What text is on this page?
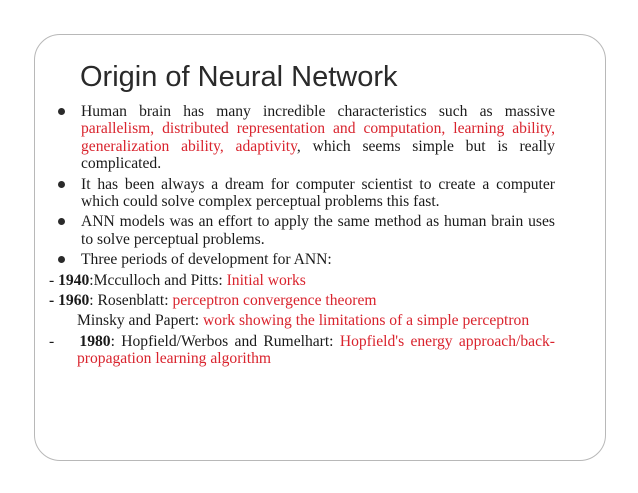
Origin of Neural Network
Human brain has many incredible characteristics such as massive parallelism, distributed representation and computation, learning ability, generalization ability, adaptivity, which seems simple but is really complicated.
It has been always a dream for computer scientist to create a computer which could solve complex perceptual problems this fast.
ANN models was an effort to apply the same method as human brain uses to solve perceptual problems.
Three periods of development for ANN:
- 1940:Mcculloch and Pitts: Initial works
- 1960: Rosenblatt: perceptron convergence theorem
Minsky and Papert: work showing the limitations of a simple perceptron
-    1980: Hopfield/Werbos and Rumelhart: Hopfield's energy approach/back-propagation learning algorithm
